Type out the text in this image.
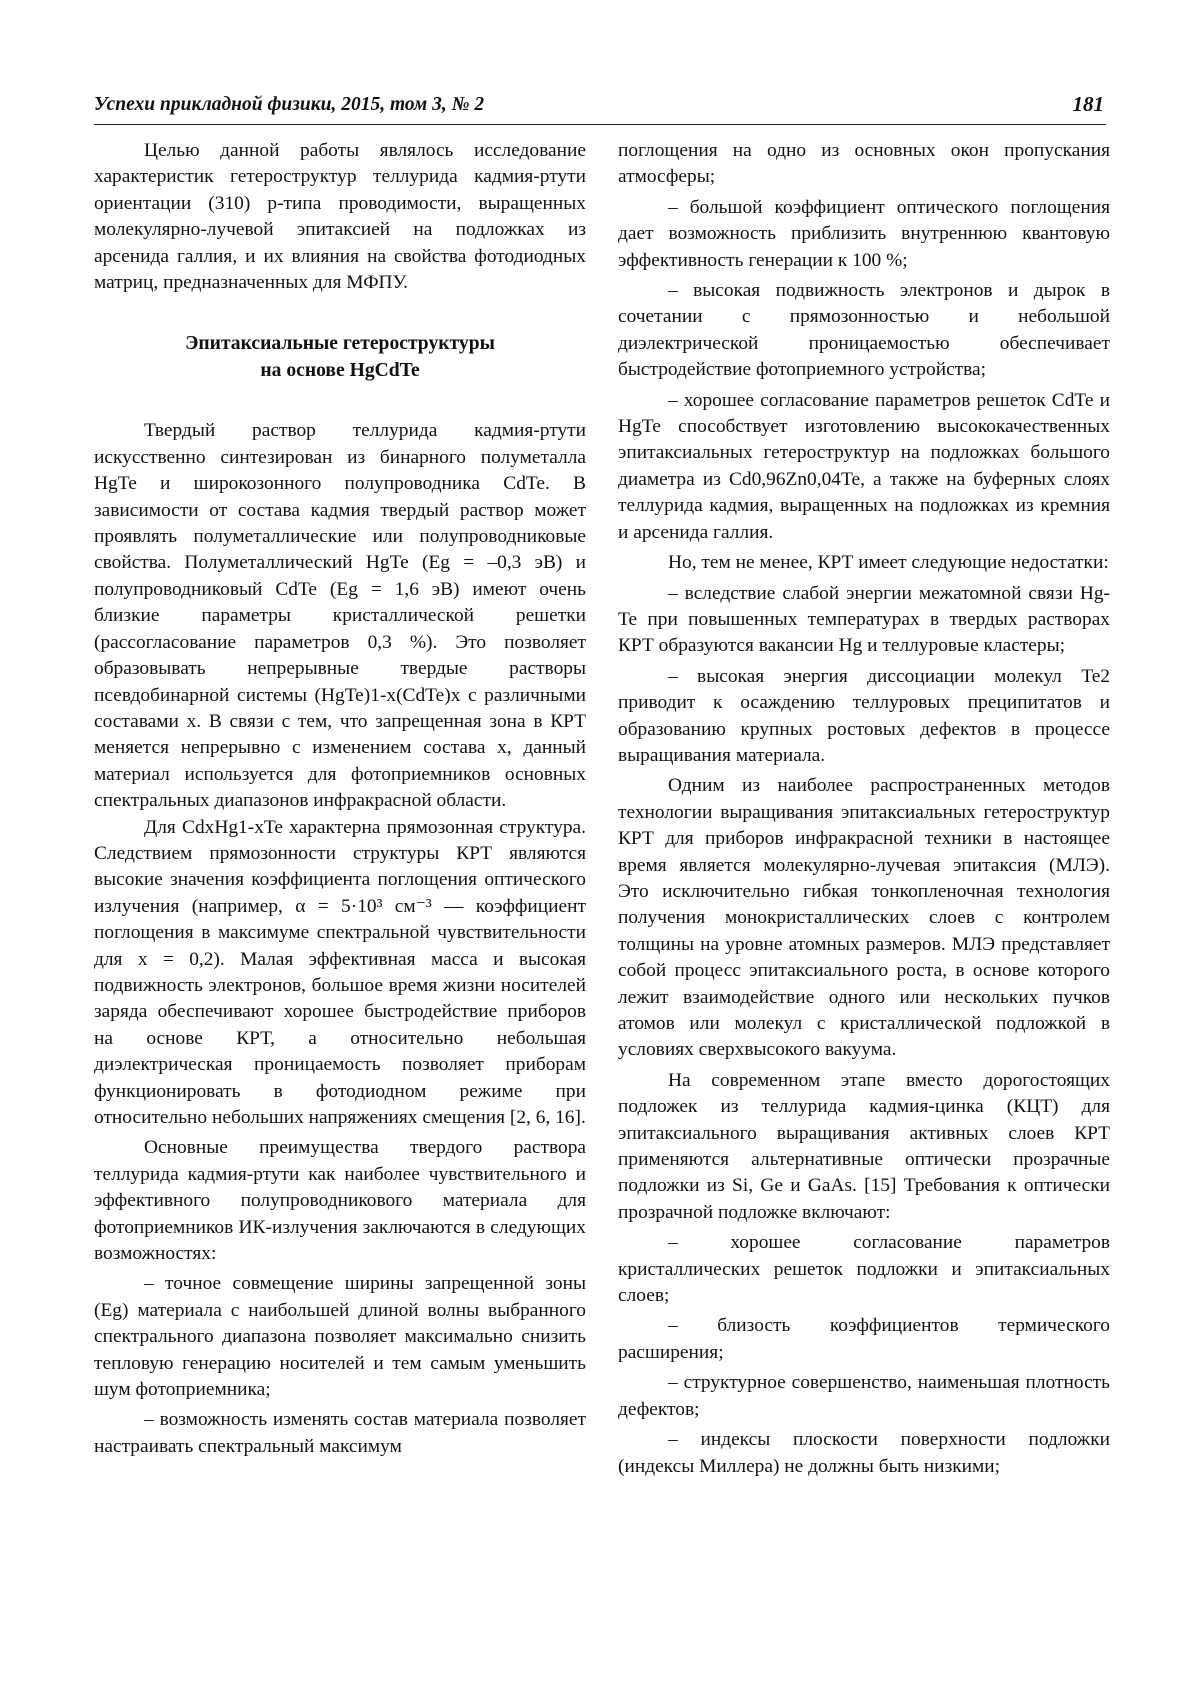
Успехи прикладной физики, 2015, том 3, № 2	181

Целью данной работы являлось исследование характеристик гетероструктур теллурида кадмия-ртути ориентации (310) p-типа проводимости, выращенных молекулярно-лучевой эпитаксией на подложках из арсенида галлия, и их влияния на свойства фотодиодных матриц, предназначенных для МФПУ.

Эпитаксиальные гетероструктуры
на основе HgCdTe

Твердый раствор теллурида кадмия-ртути искусственно синтезирован из бинарного полуметалла HgTe и широкозонного полупроводника CdTe. В зависимости от состава кадмия твердый раствор может проявлять полуметаллические или полупроводниковые свойства. Полуметаллический HgTe (Eg = –0,3 эВ) и полупроводниковый CdTe (Eg = 1,6 эВ) имеют очень близкие параметры кристаллической решетки (рассогласование параметров 0,3 %). Это позволяет образовывать непрерывные твердые растворы псевдобинарной системы (HgTe)1-x(CdTe)x с различными составами x. В связи с тем, что запрещенная зона в КРТ меняется непрерывно с изменением состава x, данный материал используется для фотоприемников основных спектральных диапазонов инфракрасной области.

Для CdxHg1-xTe характерна прямозонная структура. Следствием прямозонности структуры КРТ являются высокие значения коэффициента поглощения оптического излучения (например, α = 5·10³ см⁻³ — коэффициент поглощения в максимуме спектральной чувствительности для x = 0,2). Малая эффективная масса и высокая подвижность электронов, большое время жизни носителей заряда обеспечивают хорошее быстродействие приборов на основе КРТ, а относительно небольшая диэлектрическая проницаемость позволяет приборам функционировать в фотодиодном режиме при относительно небольших напряжениях смещения [2, 6, 16].

Основные преимущества твердого раствора теллурида кадмия-ртути как наиболее чувствительного и эффективного полупроводникового материала для фотоприемников ИК-излучения заключаются в следующих возможностях:

– точное совмещение ширины запрещенной зоны (Eg) материала с наибольшей длиной волны выбранного спектрального диапазона позволяет максимально снизить тепловую генерацию носителей и тем самым уменьшить шум фотоприемника;

– возможность изменять состав материала позволяет настраивать спектральный максимум

поглощения на одно из основных окон пропускания атмосферы;

– большой коэффициент оптического поглощения дает возможность приблизить внутреннюю квантовую эффективность генерации к 100 %;

– высокая подвижность электронов и дырок в сочетании с прямозонностью и небольшой диэлектрической проницаемостью обеспечивает быстродействие фотоприемного устройства;

– хорошее согласование параметров решеток CdTe и HgTe способствует изготовлению высококачественных эпитаксиальных гетероструктур на подложках большого диаметра из Cd0,96Zn0,04Te, а также на буферных слоях теллурида кадмия, выращенных на подложках из кремния и арсенида галлия.

Но, тем не менее, КРТ имеет следующие недостатки:

– вследствие слабой энергии межатомной связи Hg-Te при повышенных температурах в твердых растворах КРТ образуются вакансии Hg и теллуровые кластеры;

– высокая энергия диссоциации молекул Te2 приводит к осаждению теллуровых преципитатов и образованию крупных ростовых дефектов в процессе выращивания материала.

Одним из наиболее распространенных методов технологии выращивания эпитаксиальных гетероструктур КРТ для приборов инфракрасной техники в настоящее время является молекулярно-лучевая эпитаксия (МЛЭ). Это исключительно гибкая тонкопленочная технология получения монокристаллических слоев с контролем толщины на уровне атомных размеров. МЛЭ представляет собой процесс эпитаксиального роста, в основе которого лежит взаимодействие одного или нескольких пучков атомов или молекул с кристаллической подложкой в условиях сверхвысокого вакуума.

На современном этапе вместо дорогостоящих подложек из теллурида кадмия-цинка (КЦТ) для эпитаксиального выращивания активных слоев КРТ применяются альтернативные оптически прозрачные подложки из Si, Ge и GaAs. [15] Требования к оптически прозрачной подложке включают:

– хорошее согласование параметров кристаллических решеток подложки и эпитаксиальных слоев;

– близость коэффициентов термического расширения;

– структурное совершенство, наименьшая плотность дефектов;

– индексы плоскости поверхности подложки (индексы Миллера) не должны быть низкими;
